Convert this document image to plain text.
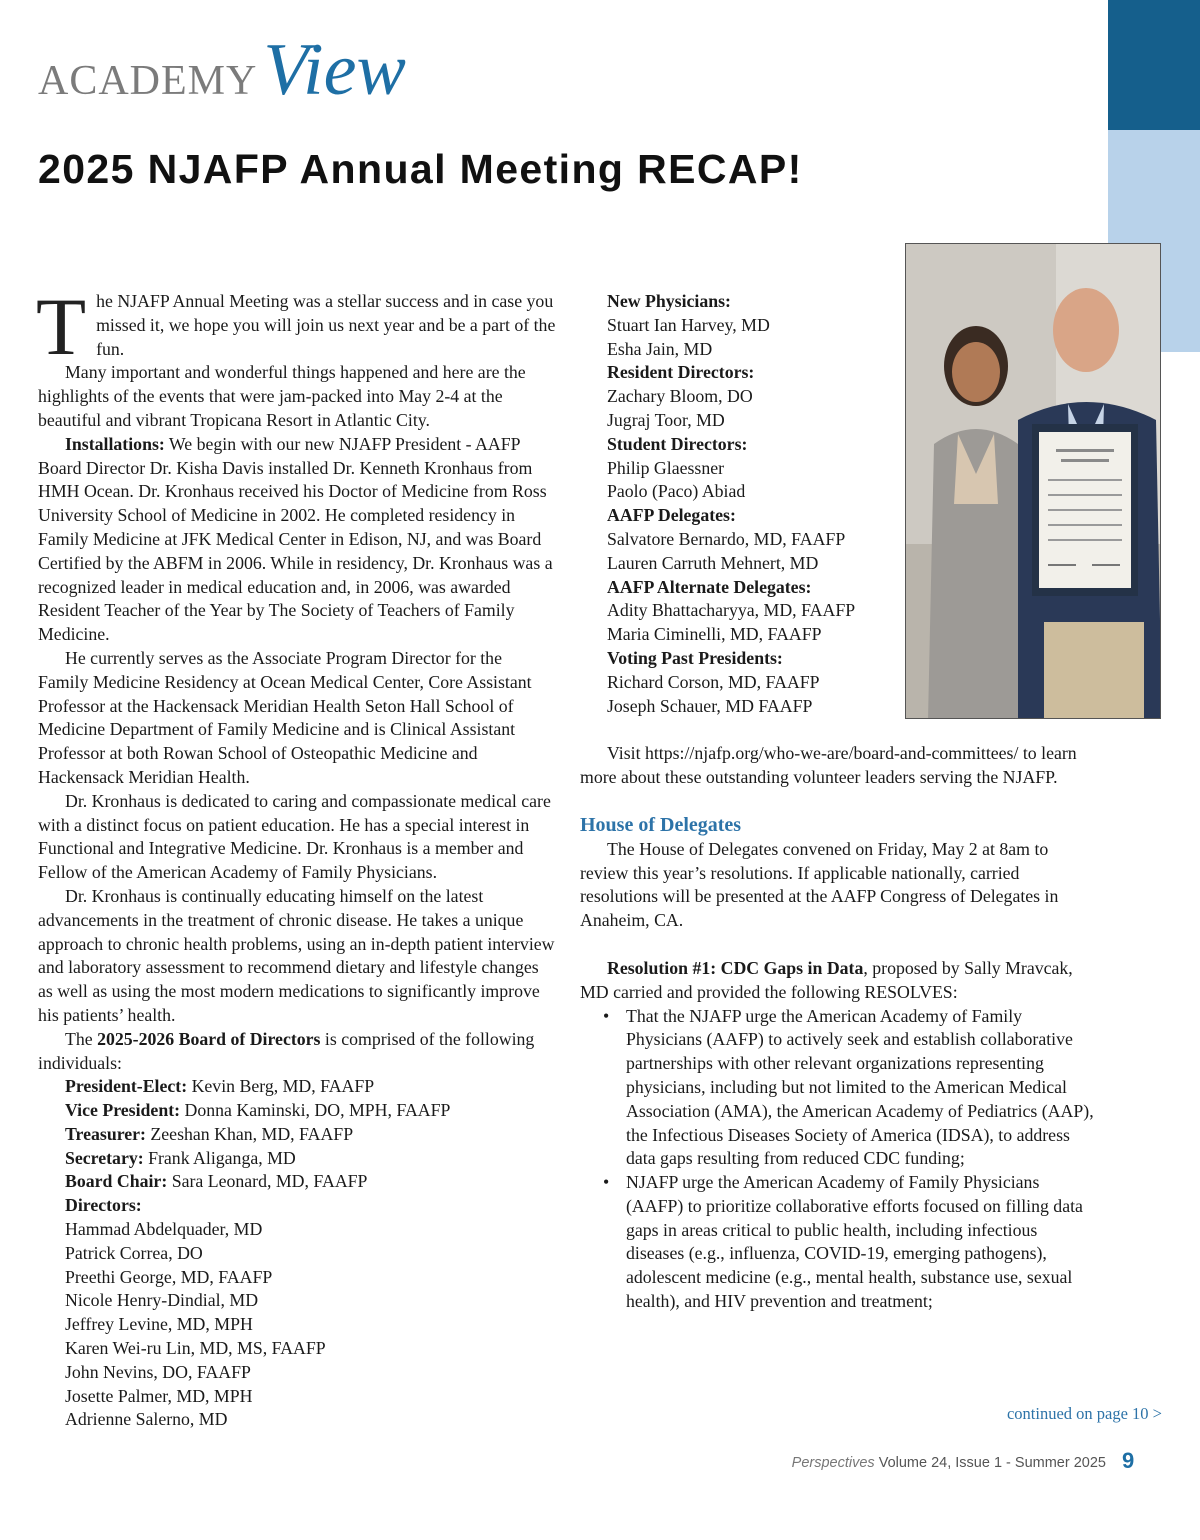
ACADEMYView
2025 NJAFP Annual Meeting RECAP!

The NJAFP Annual Meeting was a stellar success and in case you missed it, we hope you will join us next year and be a part of the fun.

Many important and wonderful things happened and here are the highlights of the events that were jam-packed into May 2-4 at the beautiful and vibrant Tropicana Resort in Atlantic City.

Installations: We begin with our new NJAFP President - AAFP Board Director Dr. Kisha Davis installed Dr. Kenneth Kronhaus from HMH Ocean. Dr. Kronhaus received his Doctor of Medicine from Ross University School of Medicine in 2002. He completed residency in Family Medicine at JFK Medical Center in Edison, NJ, and was Board Certified by the ABFM in 2006. While in residency, Dr. Kronhaus was a recognized leader in medical education and, in 2006, was awarded Resident Teacher of the Year by The Society of Teachers of Family Medicine.

He currently serves as the Associate Program Director for the Family Medicine Residency at Ocean Medical Center, Core Assistant Professor at the Hackensack Meridian Health Seton Hall School of Medicine Department of Family Medicine and is Clinical Assistant Professor at both Rowan School of Osteopathic Medicine and Hackensack Meridian Health.

Dr. Kronhaus is dedicated to caring and compassionate medical care with a distinct focus on patient education. He has a special interest in Functional and Integrative Medicine. Dr. Kronhaus is a member and Fellow of the American Academy of Family Physicians.

Dr. Kronhaus is continually educating himself on the latest advancements in the treatment of chronic disease. He takes a unique approach to chronic health problems, using an in-depth patient interview and laboratory assessment to recommend dietary and lifestyle changes as well as using the most modern medications to significantly improve his patients’ health.

The 2025-2026 Board of Directors is comprised of the following individuals:

President-Elect: Kevin Berg, MD, FAAFP
Vice President: Donna Kaminski, DO, MPH, FAAFP
Treasurer: Zeeshan Khan, MD, FAAFP
Secretary: Frank Aliganga, MD
Board Chair: Sara Leonard, MD, FAAFP
Directors:
Hammad Abdelquader, MD
Patrick Correa, DO
Preethi George, MD, FAAFP
Nicole Henry-Dindial, MD
Jeffrey Levine, MD, MPH
Karen Wei-ru Lin, MD, MS, FAAFP
John Nevins, DO, FAAFP
Josette Palmer, MD, MPH
Adrienne Salerno, MD
New Physicians:
Stuart Ian Harvey, MD
Esha Jain, MD
Resident Directors:
Zachary Bloom, DO
Jugraj Toor, MD
Student Directors:
Philip Glaessner
Paolo (Paco) Abiad
AAFP Delegates:
Salvatore Bernardo, MD, FAAFP
Lauren Carruth Mehnert, MD
AAFP Alternate Delegates:
Adity Bhattacharyya, MD, FAAFP
Maria Ciminelli, MD, FAAFP
Voting Past Presidents:
Richard Corson, MD, FAAFP
Joseph Schauer, MD FAAFP

Visit https://njafp.org/who-we-are/board-and-committees/ to learn more about these outstanding volunteer leaders serving the NJAFP.

House of Delegates

The House of Delegates convened on Friday, May 2 at 8am to review this year’s resolutions. If applicable nationally, carried resolutions will be presented at the AAFP Congress of Delegates in Anaheim, CA.

Resolution #1: CDC Gaps in Data, proposed by Sally Mravcak, MD carried and provided the following RESOLVES:

• That the NJAFP urge the American Academy of Family Physicians (AAFP) to actively seek and establish collaborative partnerships with other relevant organizations representing physicians, including but not limited to the American Medical Association (AMA), the American Academy of Pediatrics (AAP), the Infectious Diseases Society of America (IDSA), to address data gaps resulting from reduced CDC funding;
• NJAFP urge the American Academy of Family Physicians (AAFP) to prioritize collaborative efforts focused on filling data gaps in areas critical to public health, including infectious diseases (e.g., influenza, COVID-19, emerging pathogens), adolescent medicine (e.g., mental health, substance use, sexual health), and HIV prevention and treatment;
continued on page 10 >
Perspectives Volume 24, Issue 1 - Summer 2025 9
